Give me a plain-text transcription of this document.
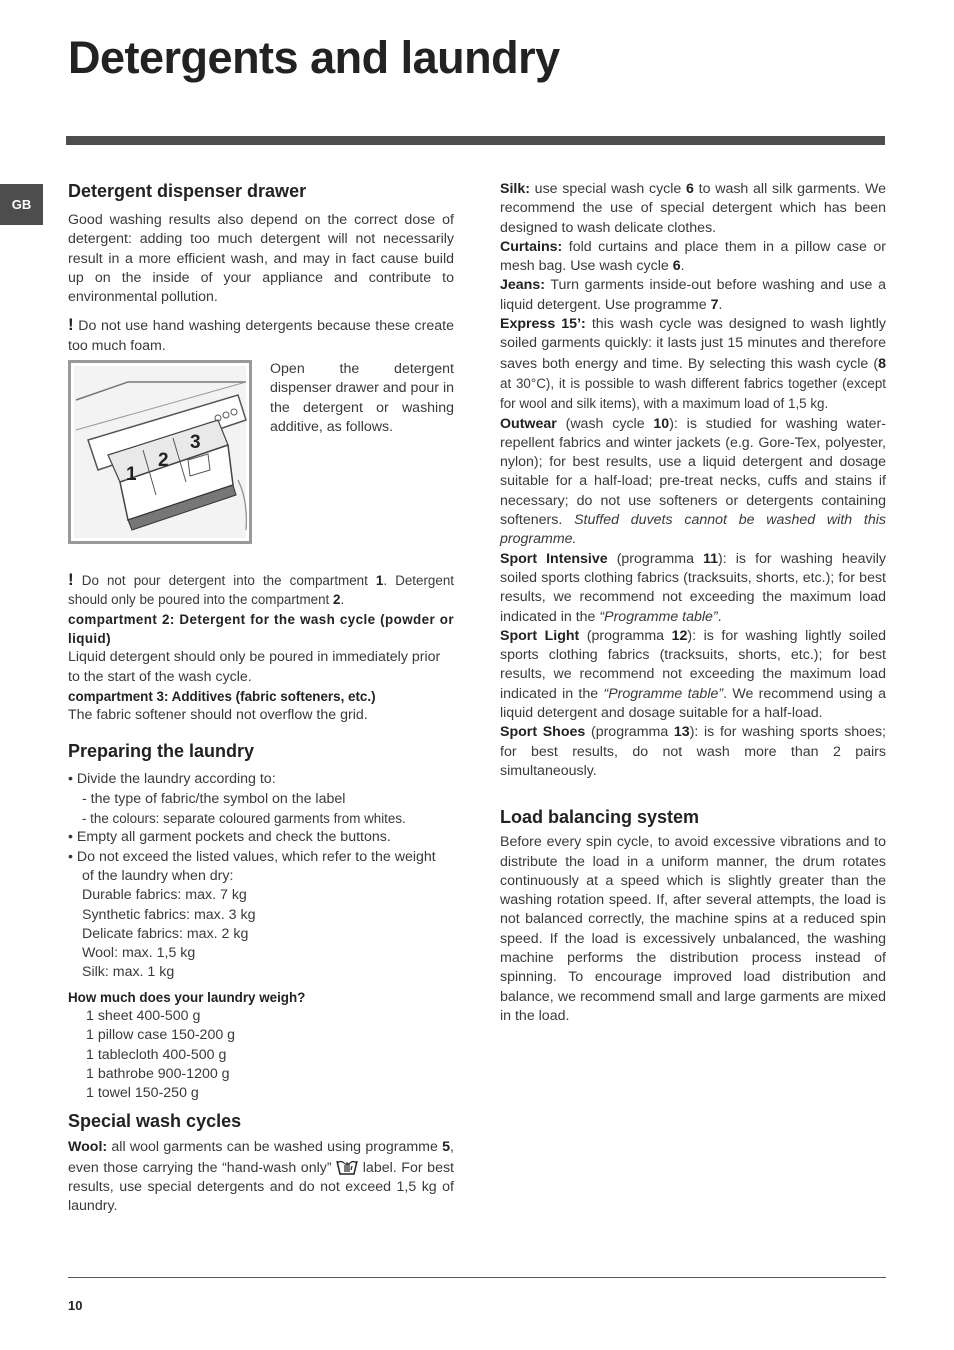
Detergents and laundry
GB
Detergent dispenser drawer

Good washing results also depend on the correct dose of detergent: adding too much detergent will not necessarily result in a more efficient wash, and may in fact cause build up on the inside of your appliance and contribute to environmental pollution.

! Do not use hand washing detergents because these create too much foam.

1
2
3

Open the detergent dispenser drawer and pour in the detergent or washing additive, as follows.

! Do not pour detergent into the compartment 1. Detergent should only be poured into the compartment 2.

compartment 2: Detergent for the wash cycle (powder or liquid)

Liquid detergent should only be poured in immediately prior to the start of the wash cycle.

compartment 3: Additives (fabric softeners, etc.)

The fabric softener should not overflow the grid.

Preparing the laundry
• Divide the laundry according to:
- the type of fabric/the symbol on the label
- the colours: separate coloured garments from whites.
• Empty all garment pockets and check the buttons.
• Do not exceed the listed values, which refer to the weight
of the laundry when dry:
Durable fabrics: max. 7 kg
Synthetic fabrics: max. 3 kg
Delicate fabrics: max. 2 kg
Wool: max. 1,5 kg
Silk: max. 1 kg

How much does your laundry weigh?

1 sheet 400-500 g
1 pillow case 150-200 g
1 tablecloth 400-500 g
1 bathrobe 900-1200 g
1 towel 150-250 g
Special wash cycles

Wool: all wool garments can be washed using programme 5, even those carrying the “hand-wash only”  label. For best results, use special detergents and do not exceed 1,5 kg of laundry.

Silk: use special wash cycle 6 to wash all silk garments. We recommend the use of special detergent which has been designed to wash delicate clothes.

Curtains: fold curtains and place them in a pillow case or mesh bag. Use wash cycle 6.

Jeans: Turn garments inside-out before washing and use a liquid detergent. Use programme 7.

Express 15’: this wash cycle was designed to wash lightly soiled garments quickly: it lasts just 15 minutes and therefore saves both energy and time. By selecting this wash cycle (8 at 30°C), it is possible to wash different fabrics together (except for wool and silk items), with a maximum load of 1,5 kg.

Outwear (wash cycle 10): is studied for washing water-repellent fabrics and winter jackets (e.g. Gore-Tex, polyester, nylon); for best results, use a liquid detergent and dosage suitable for a half-load; pre-treat necks, cuffs and stains if necessary; do not use softeners or detergents containing softeners. Stuffed duvets cannot be washed with this programme.

Sport Intensive (programma 11): is for washing heavily soiled sports clothing fabrics (tracksuits, shorts, etc.); for best results, we recommend not exceeding the maximum load indicated in the “Programme table”.

Sport Light (programma 12): is for washing lightly soiled sports clothing fabrics (tracksuits, shorts, etc.); for best results, we recommend not exceeding the maximum load indicated in the “Programme table”. We recommend using a liquid detergent and dosage suitable for a half-load.

Sport Shoes (programma 13): is for washing sports shoes; for best results, do not wash more than 2 pairs simultaneously.

Load balancing system

Before every spin cycle, to avoid excessive vibrations and to distribute the load in a uniform manner, the drum rotates continuously at a speed which is slightly greater than the washing rotation speed. If, after several attempts, the load is not balanced correctly, the machine spins at a reduced spin speed. If the load is excessively unbalanced, the washing machine performs the distribution process instead of spinning. To encourage improved load distribution and balance, we recommend small and large garments are mixed in the load.

10
